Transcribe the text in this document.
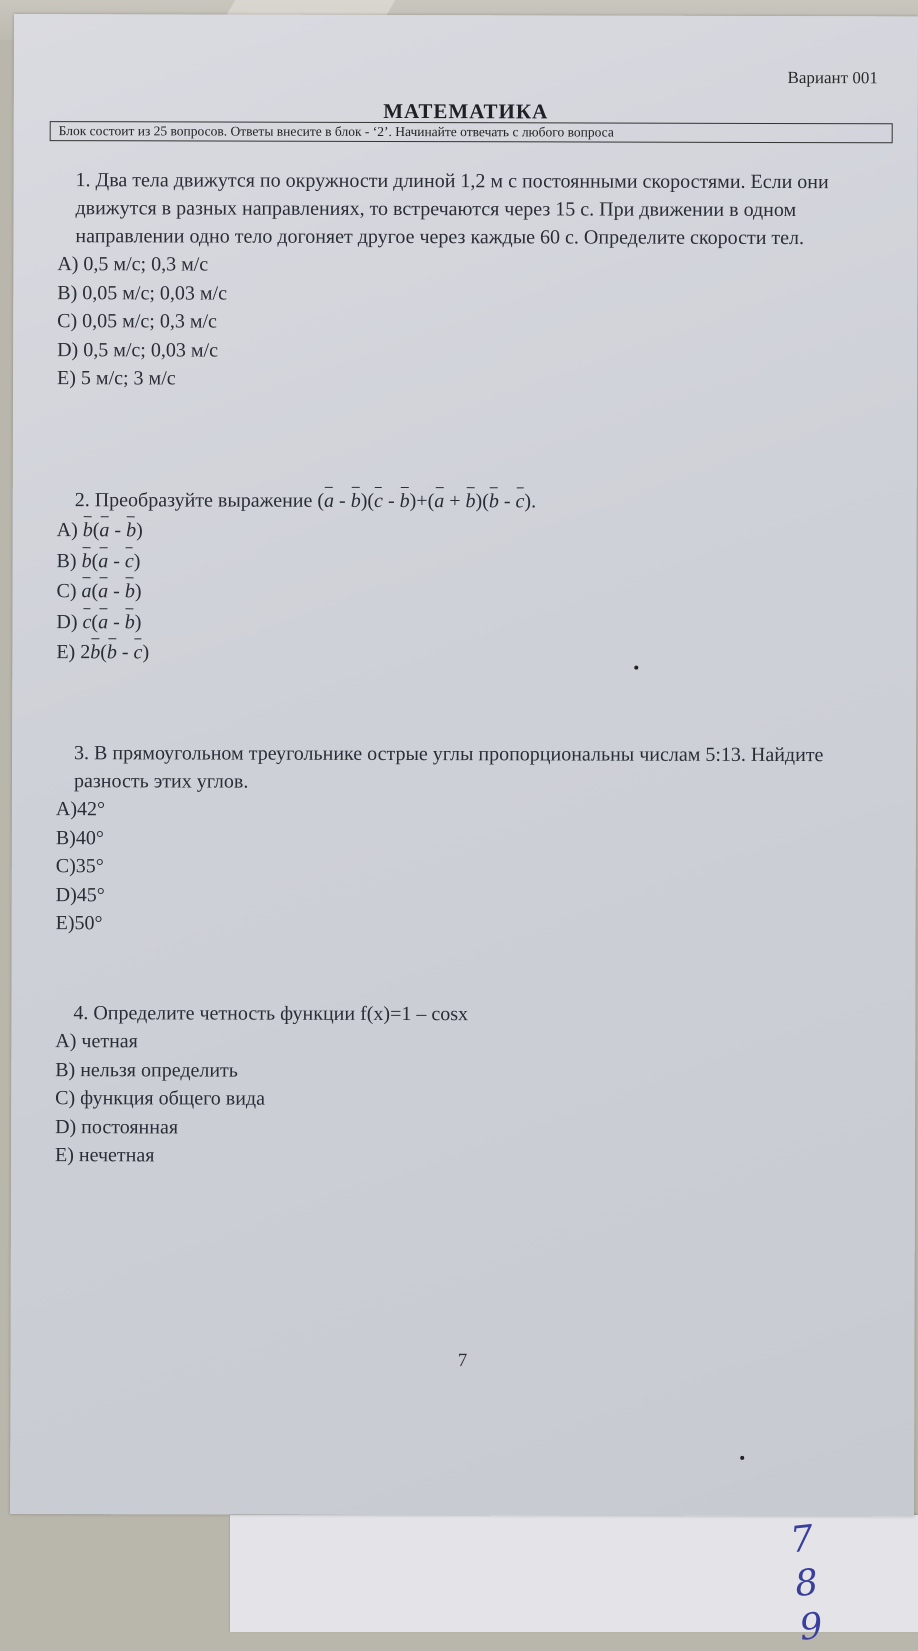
7
8
9
Вариант 001
МАТЕМАТИКА
Блок состоит из 25 вопросов. Ответы внесите в блок - ‘2’. Начинайте отвечать с любого вопроса
1. Два тела движутся по окружности длиной 1,2 м с постоянными скоростями. Если они движутся в разных направлениях, то встречаются через 15 с. При движении в одном направлении одно тело догоняет другое через каждые 60 с. Определите скорости тел.
A) 0,5 м/с; 0,3 м/с
B) 0,05 м/с; 0,03 м/с
C) 0,05 м/с; 0,3 м/с
D) 0,5 м/с; 0,03 м/с
E) 5 м/с; 3 м/с
2. Преобразуйте выражение (a - b)(c - b)+(a + b)(b - c).
A) b(a - b)
B) b(a - c)
C) a(a - b)
D) c(a - b)
E) 2b(b - c)
3. В прямоугольном треугольнике острые углы пропорциональны числам 5:13. Найдите разность этих углов.
A)42°
B)40°
C)35°
D)45°
E)50°
4. Определите четность функции f(x)=1 – cosx
A) четная
B) нельзя определить
C) функция общего вида
D) постоянная
E) нечетная
7
